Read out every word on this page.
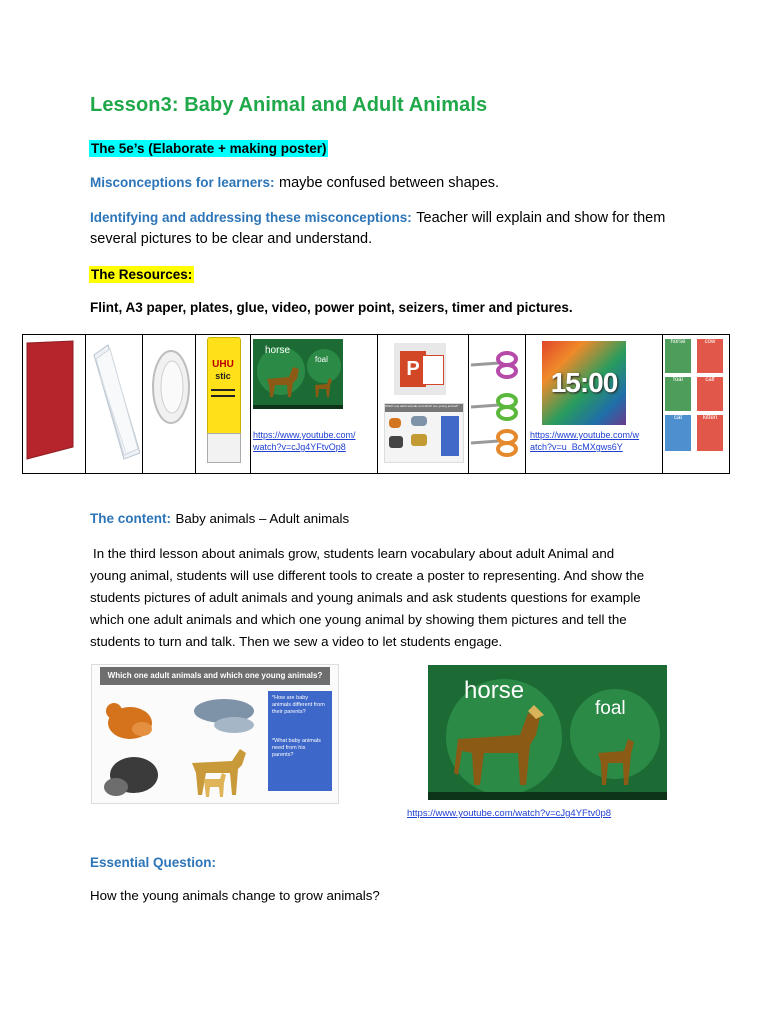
Lesson3: Baby Animal and Adult Animals
The 5e’s (Elaborate + making poster)
Misconceptions for learners: maybe confused between shapes.
Identifying and addressing these misconceptions: Teacher will explain and show for them
several pictures to be clear and understand.
The Resources:
Flint, A3 paper, plates, glue, video, power point, seizers, timer and pictures.

UHU
stic

horse
foal
https://www.youtube.com/
watch?v=cJg4YFtvOp8

P
Which one adult animals and which one young animal?

15:00
https://www.youtube.com/w
atch?v=u_BcMXgws6Y

horse	cow
foal	calf
cat	kitten
The content: Baby animals – Adult animals
In the third lesson about animals grow, students learn vocabulary about adult Animal and
young animal, students will use different tools to create a poster to representing. And show the
students pictures of adult animals and young animals and ask students questions for example
which one adult animals and which one young animal by showing them pictures and tell the
students to turn and talk. Then we sew a video to let students engage.
Which one adult animals and which one young animals?
*How are baby animals different from their parents?
*What baby animals need from his parents?
horse
foal
https://www.youtube.com/watch?v=cJg4YFtv0p8
Essential Question:
How the young animals change to grow animals?
